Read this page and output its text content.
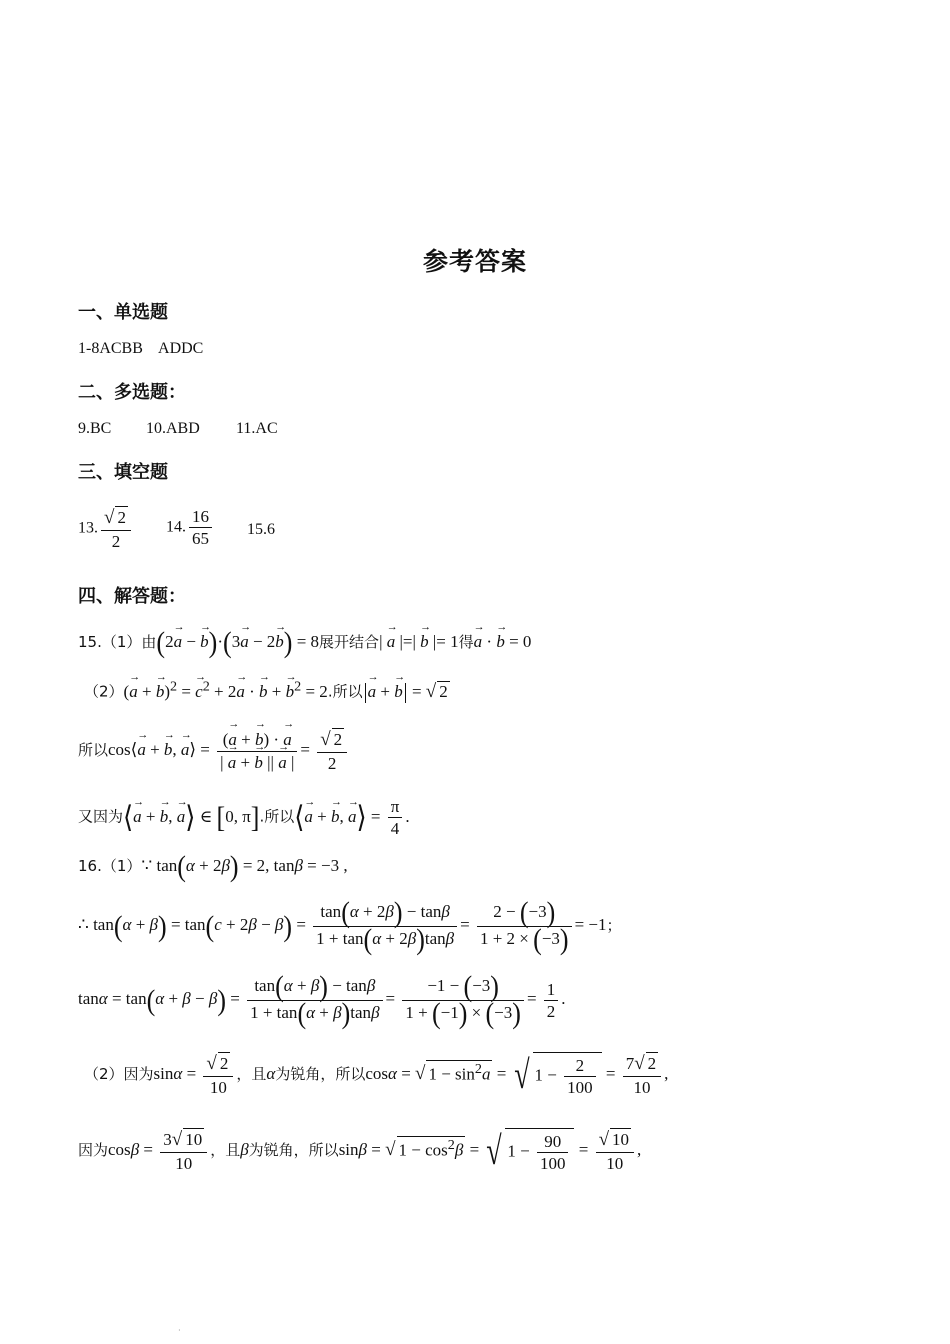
参考答案
一、单选题
1-8ACBB    ADDC
二、多选题：
9.BC 10.ABD 11.AC
三、填空题
13. $\frac{√ 2}{2} 14$. $\frac{16}{65} 15.6$
四、解答题：
15.（1）由(2→ a − → b)·(3→ a − 2→ b) = 8展开结合| → a |=| → b |= 1得→ a · → b = 0
（2）(→ a + → b)$^2$ = → $c^2 + 2\to a$ · → b + → $b^2 = 2$.所以→ a + → b = √ 2
所以cos⟨→ a + → b, → a⟩ = $\frac{(\to a + \to b) \cdot \to a}{| \to a + \to b || \to a |} = \frac{√ 2}{2}$
又因为⟨→ a + → b, → a⟩ ∈ [0, π].所以⟨→ a + → b, → a⟩ = $\frac{\pi}{4}$ .
16.（1）∵ tan(α + 2β) = 2, tanβ = −3 ,
∴ $\tan(\alpha + \beta) = \tan(c + 2\beta - \beta) = \frac{\tan(\alpha + 2\beta) - \tan\beta}{1 + \tan(\alpha + 2\beta)\tan\beta} = \frac{2 - (-3)}{1 + 2 \times (-3)} = -1$；
$\tan\alpha = \tan(\alpha + \beta - \beta) = \frac{\tan(\alpha + \beta) - \tan\beta}{1 + \tan(\alpha + \beta)\tan\beta} = \frac{-1 - (-3)}{1 + (-1) \times (-3)} = \frac{1}{2}$ .
（2）因为$\sin\alpha = \frac{√ 2}{10}$ ，且α为锐角，所以cosα = √ $1 - \sin^2a$ = √ $1 - \frac{2}{100} = \frac{7√ 2}{10}$ ,
因为$\cos\beta = \frac{3√ 10}{10}$ ，且β为锐角，所以sinβ = √ $1 - \cos^2\beta$ = √ $1 - \frac{90}{100} = \frac{√ 10}{10}$ ,
·
